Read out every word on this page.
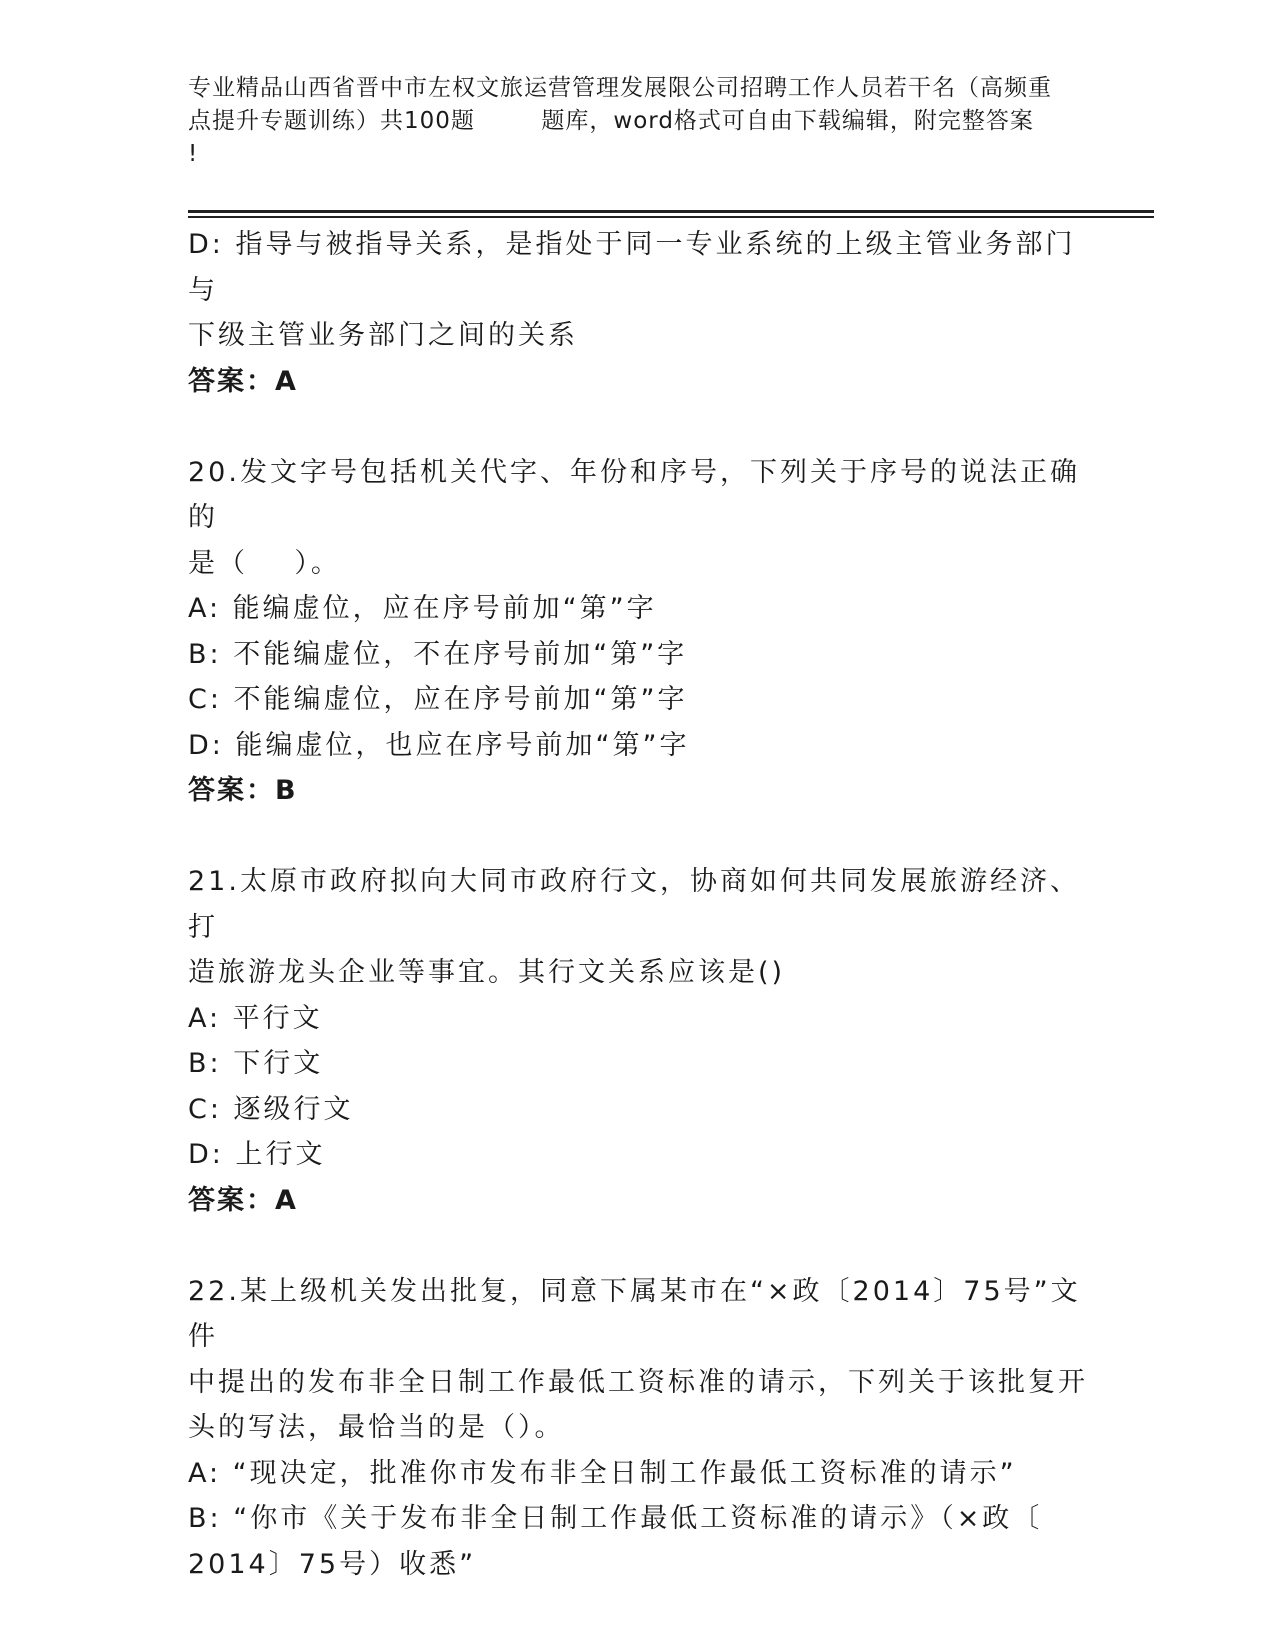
专业精品山西省晋中市左权文旅运营管理发展限公司招聘工作人员若干名（高频重
点提升专题训练）共100题        题库，word格式可自由下载编辑，附完整答案
!
D: 指导与被指导关系，是指处于同一专业系统的上级主管业务部门与
下级主管业务部门之间的关系
答案：A
20.发文字号包括机关代字、年份和序号，下列关于序号的说法正确的
是（    ）。
A: 能编虚位，应在序号前加“第”字
B: 不能编虚位，不在序号前加“第”字
C: 不能编虚位，应在序号前加“第”字
D: 能编虚位，也应在序号前加“第”字
答案：B
21.太原市政府拟向大同市政府行文，协商如何共同发展旅游经济、打
造旅游龙头企业等事宜。其行文关系应该是()
A: 平行文
B: 下行文
C: 逐级行文
D: 上行文
答案：A
22.某上级机关发出批复，同意下属某市在“×政〔2014〕75号”文件
中提出的发布非全日制工作最低工资标准的请示，下列关于该批复开
头的写法，最恰当的是（）。
A: “现决定，批准你市发布非全日制工作最低工资标准的请示”
B: “你市《关于发布非全日制工作最低工资标准的请示》（×政〔
2014〕75号）收悉”
